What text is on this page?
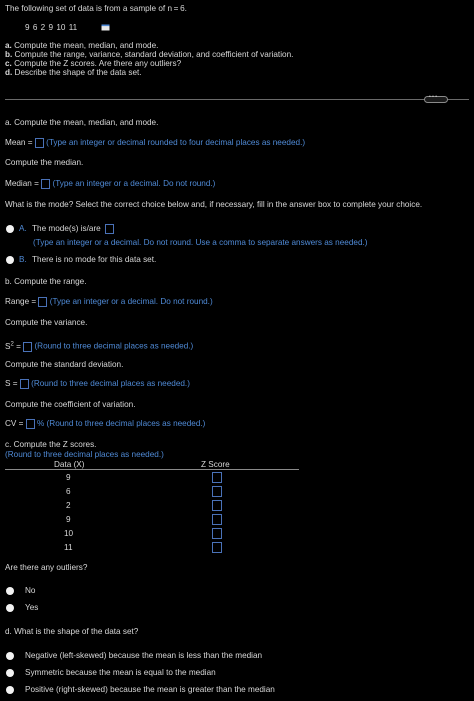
The following set of data is from a sample of n = 6.
9 6 2 9 10 11
a. Compute the mean, median, and mode.
b. Compute the range, variance, standard deviation, and coefficient of variation.
c. Compute the Z scores. Are there any outliers?
d. Describe the shape of the data set.
• • •
a. Compute the mean, median, and mode.
Mean = (Type an integer or decimal rounded to four decimal places as needed.)
Compute the median.
Median = (Type an integer or a decimal. Do not round.)
What is the mode? Select the correct choice below and, if necessary, fill in the answer box to complete your choice.
A. The mode(s) is/are
(Type an integer or a decimal. Do not round. Use a comma to separate answers as needed.)
B. There is no mode for this data set.
b. Compute the range.
Range = (Type an integer or a decimal. Do not round.)
Compute the variance.
$S^2$ = (Round to three decimal places as needed.)
Compute the standard deviation.
S = (Round to three decimal places as needed.)
Compute the coefficient of variation.
CV = % (Round to three decimal places as needed.)
c. Compute the Z scores.
(Round to three decimal places as needed.)
Data (X)	Z Score
9
6
2
9
10
11
Are there any outliers?
No
Yes
d. What is the shape of the data set?
Negative (left-skewed) because the mean is less than the median
Symmetric because the mean is equal to the median
Positive (right-skewed) because the mean is greater than the median
